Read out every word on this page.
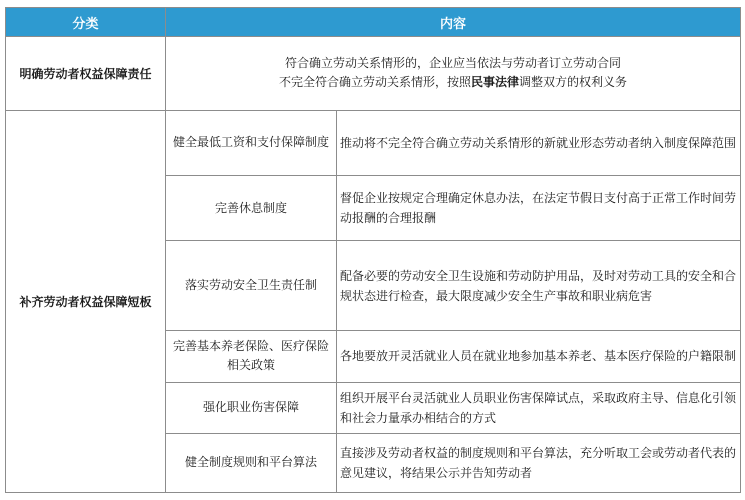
分类	内容	
明确劳动者权益保障责任	符合确立劳动关系情形的，企业应当依法与劳动者订立劳动合同
不完全符合确立劳动关系情形，按照民事法律调整双方的权利义务	

补齐劳动者权益保障短板	健全最低工资和支付保障制度	推动将不完全符合确立劳动关系情形的新就业形态劳动者纳入制度保障范围
	完善休息制度	督促企业按规定合理确定休息办法，在法定节假日支付高于正常工作时间劳动报酬的合理报酬
	落实劳动安全卫生责任制	配备必要的劳动安全卫生设施和劳动防护用品，及时对劳动工具的安全和合规状态进行检查，最大限度减少安全生产事故和职业病危害
	完善基本养老保险、医疗保险相关政策	各地要放开灵活就业人员在就业地参加基本养老、基本医疗保险的户籍限制
	强化职业伤害保障	组织开展平台灵活就业人员职业伤害保障试点，采取政府主导、信息化引领和社会力量承办相结合的方式
	健全制度规则和平台算法	直接涉及劳动者权益的制度规则和平台算法，充分听取工会或劳动者代表的意见建议，将结果公示并告知劳动者
